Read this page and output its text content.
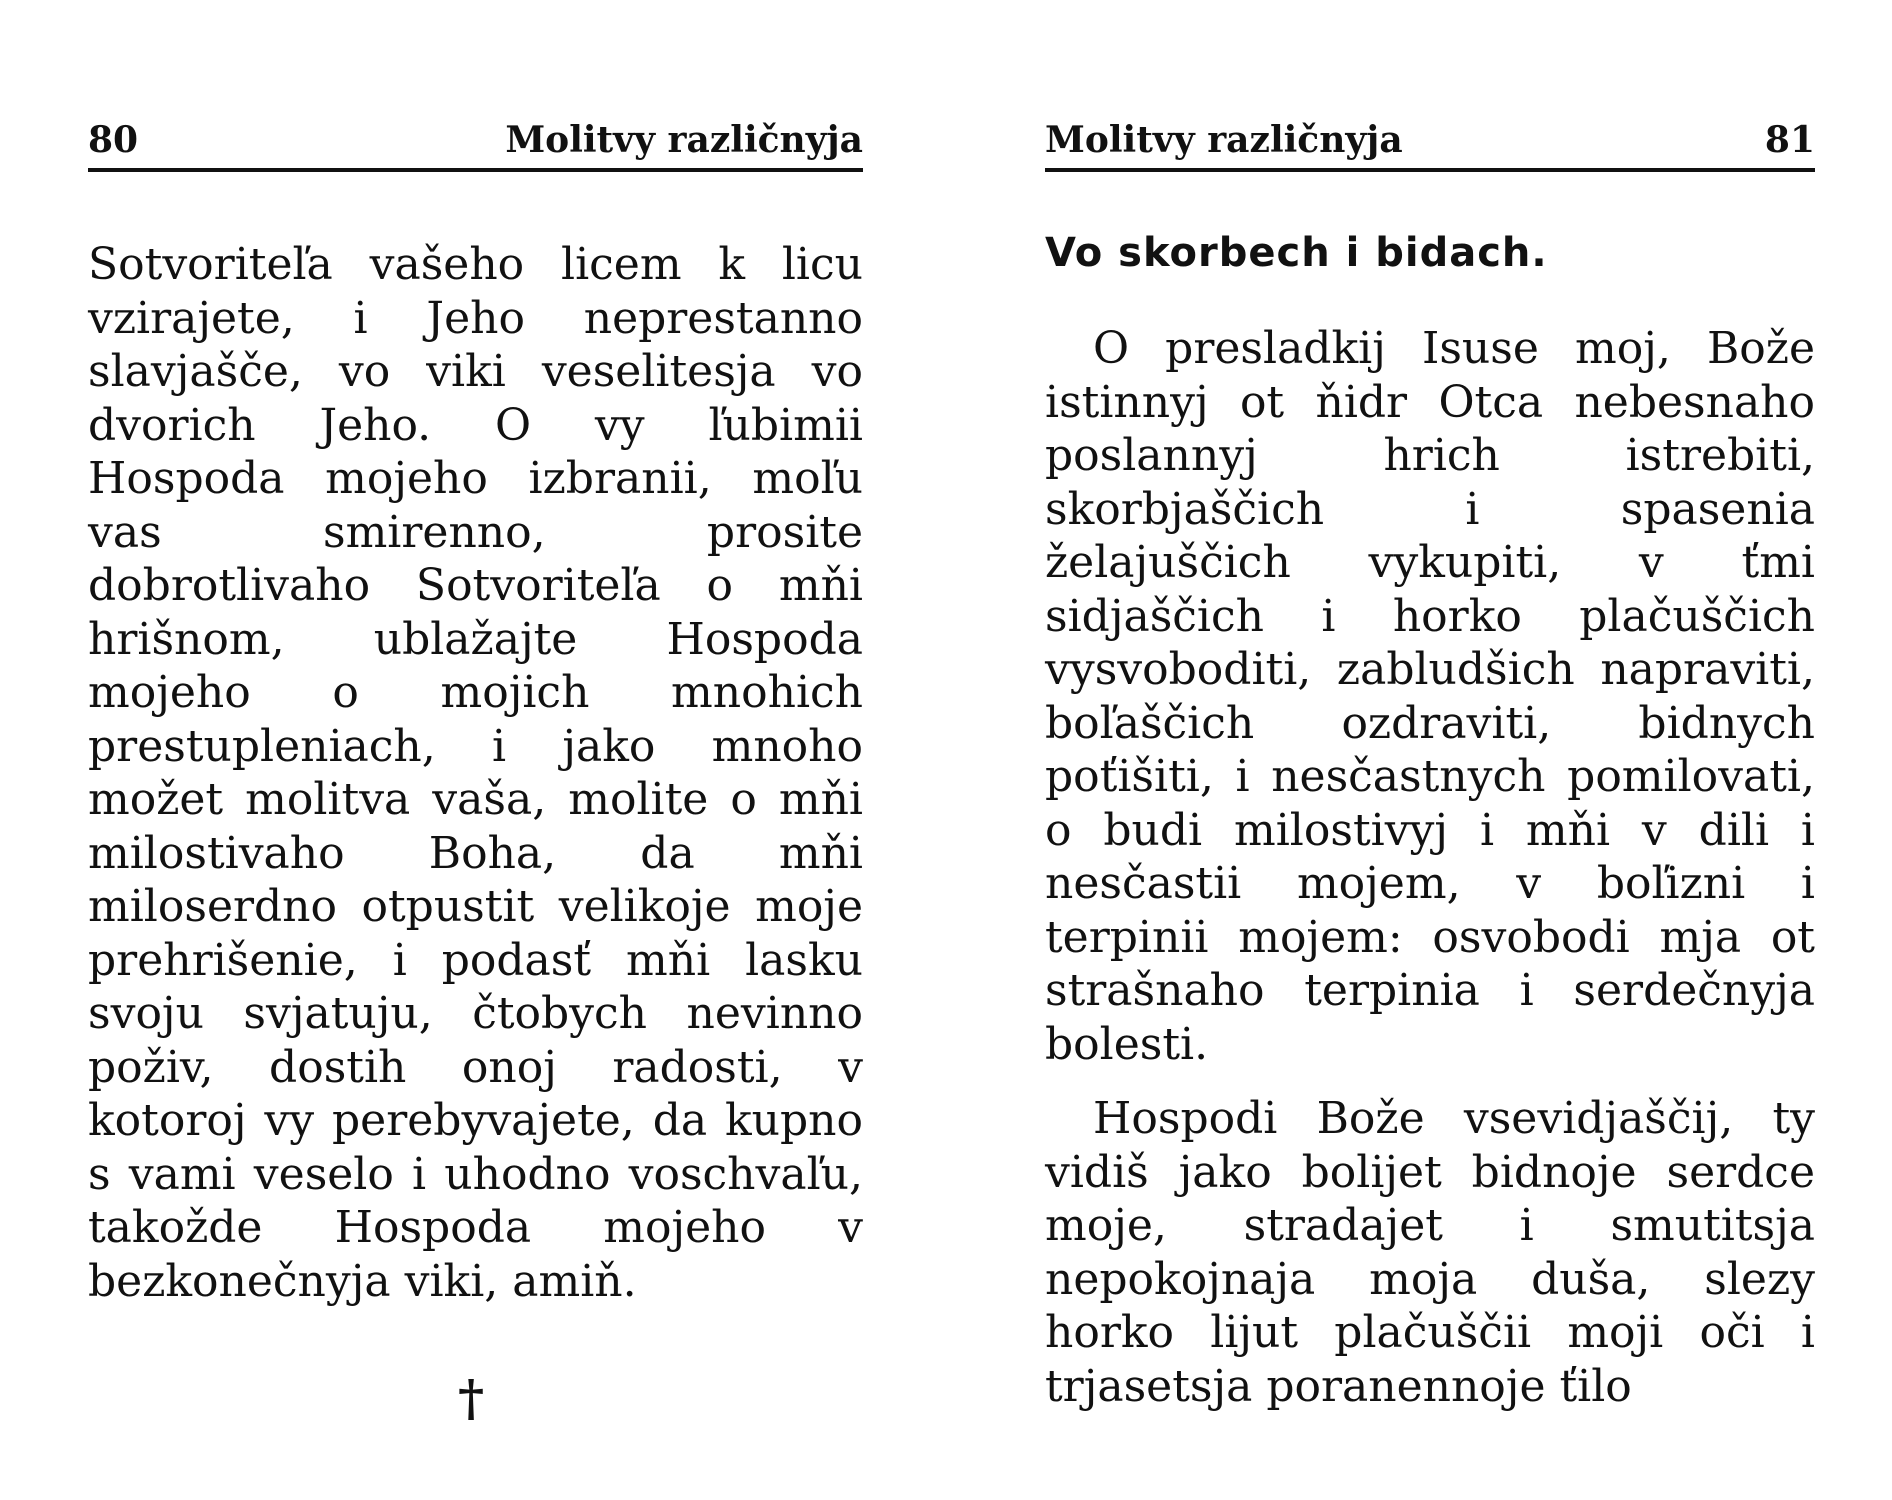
80	Molitvy različnyja

Sotvoriteľa vašeho licem k licu vzirajete, i Jeho neprestanno slavjašče, vo viki veselitesja vo dvorich Jeho. O vy ľubimii Hospoda mojeho izbranii, moľu vas smirenno, prosite dobrotlivaho Sotvoriteľa o mňi hrišnom, ublažajte Hospoda mojeho o mojich mnohich prestupleniach, i jako mnoho možet molitva vaša, molite o mňi milostivaho Boha, da mňi miloserdno otpustit velikoje moje prehrišenie, i podasť mňi lasku svoju svjatuju, čtobych nevinno poživ, dostih onoj radosti, v kotoroj vy perebyvajete, da kupno s vami veselo i uhodno voschvaľu, takožde Hospoda mojeho v bezkonečnyja viki, amiň.

†
Molitvy različnyja	81
Vo skorbech i bidach.

O presladkij Isuse moj, Bože istinnyj ot ňidr Otca nebesnaho poslannyj hrich istrebiti, skorbjaščich i spasenia želajuščich vykupiti, v ťmi sidjaščich i horko plačuščich vysvoboditi, zabludšich napraviti, boľaščich ozdraviti, bidnych poťišiti, i nesčastnych pomilovati, o budi milostivyj i mňi v dili i nesčastii mojem, v boľizni i terpinii mojem: osvobodi mja ot strašnaho terpinia i serdečnyja bolesti.

Hospodi Bože vsevidjaščij, ty vidiš jako bolijet bidnoje serdce moje, stradajet i smutitsja nepokojnaja moja duša, slezy horko lijut plačuščii moji oči i trjasetsja poranennoje ťilo
